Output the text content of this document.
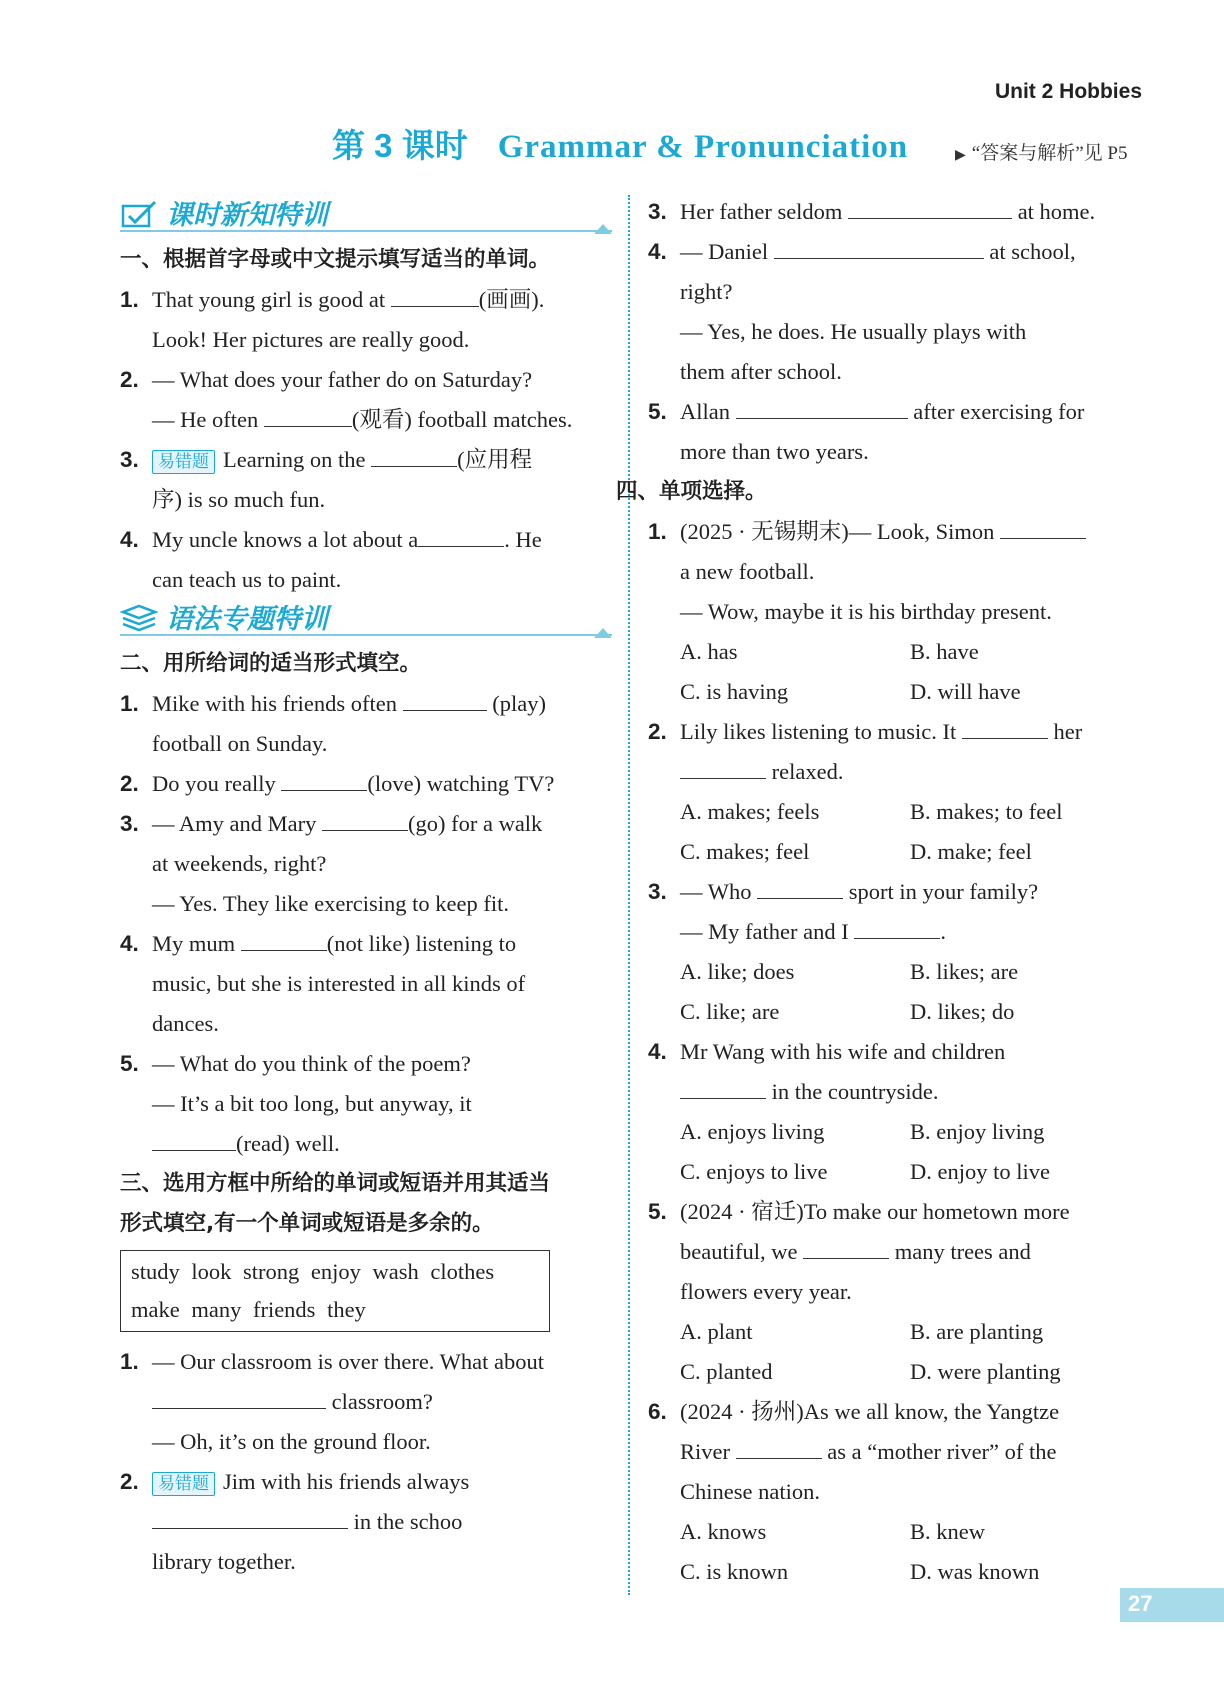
Unit 2 Hobbies
第 3 课时 Grammar & Pronunciation	▶ “答案与解析”见 P5
课时新知特训
一、根据首字母或中文提示填写适当的单词。
1. That young girl is good at	(画画).
Look! Her pictures are really good.
2. — What does your father do on Saturday?
— He often	(观看) football matches.
3.	易错题 Learning on the	(应用程
序) is so much fun.
4. My uncle knows a lot about a	. He
can teach us to paint.
语法专题特训
二、用所给词的适当形式填空。
1. Mike with his friends often	(play)
football on Sunday.
2. Do you really	(love) watching TV?
3. — Amy and Mary	(go) for a walk
at weekends, right?
— Yes. They like exercising to keep fit.
4. My mum	(not like) listening to
music, but she is interested in all kinds of
dances.
5. — What do you think of the poem?
— It’s a bit too long, but anyway, it
(read) well.
三、选用方框中所给的单词或短语并用其适当
形式填空,有一个单词或短语是多余的。
study look strong enjoy wash clothes
make many friends they
1. — Our classroom is over there. What about
classroom?
— Oh, it’s on the ground floor.
2.	易错题 Jim with his friends always
in the schoo
library together.
3. Her father seldom	at home.
4. — Daniel	at school,
right?
— Yes, he does. He usually plays with
them after school.
5. Allan	after exercising for
more than two years.
四、单项选择。
1. (2025 · 无锡期末)— Look, Simon
a new football.
— Wow, maybe it is his birthday present.
A. has	B. have
C. is having	D. will have
2. Lily likes listening to music. It	her
relaxed.
A. makes; feels	B. makes; to feel
C. makes; feel	D. make; feel
3. — Who	sport in your family?
— My father and I	.
A. like; does	B. likes; are
C. like; are	D. likes; do
4. Mr Wang with his wife and children
in the countryside.
A. enjoys living	B. enjoy living
C. enjoys to live	D. enjoy to live
5. (2024 · 宿迁)To make our hometown more
beautiful, we	many trees and
flowers every year.
A. plant	B. are planting
C. planted	D. were planting
6. (2024 · 扬州)As we all know, the Yangtze
River	as a “mother river” of the
Chinese nation.
A. knows	B. knew
C. is known	D. was known
27
